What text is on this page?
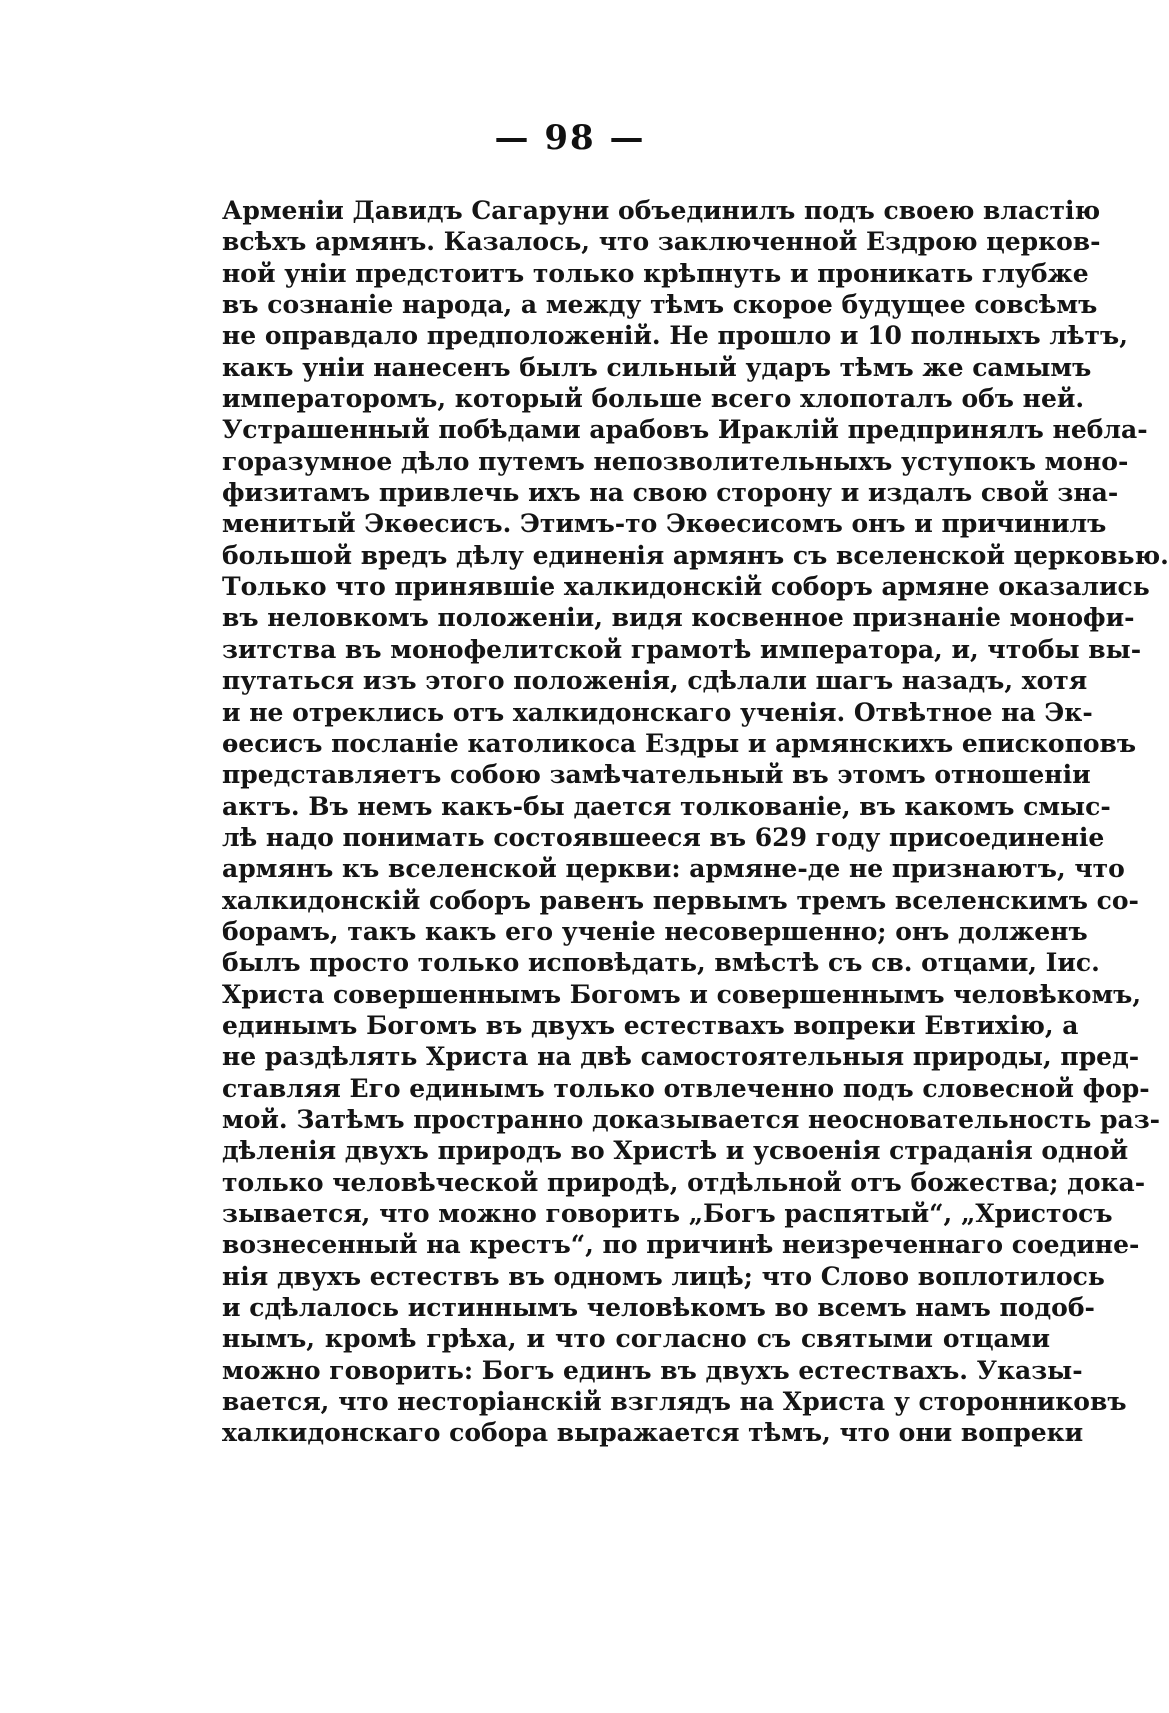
— 98 —
Арменіи Давидъ Сагаруни объединилъ подъ своею властію
всѣхъ армянъ. Казалось, что заключенной Ездрою церков-
ной уніи предстоитъ только крѣпнуть и проникать глубже
въ сознаніе народа, а между тѣмъ скорое будущее совсѣмъ
не оправдало предположеній. Не прошло и 10 полныхъ лѣтъ,
какъ уніи нанесенъ былъ сильный ударъ тѣмъ же самымъ
императоромъ, который больше всего хлопоталъ объ ней.
Устрашенный побѣдами арабовъ Ираклій предпринялъ небла-
горазумное дѣло путемъ непозволительныхъ уступокъ моно-
физитамъ привлечь ихъ на свою сторону и издалъ свой зна-
менитый Экѳесисъ. Этимъ-то Экѳесисомъ онъ и причинилъ
большой вредъ дѣлу единенія армянъ съ вселенской церковью.
Только что принявшіе халкидонскій соборъ армяне оказались
въ неловкомъ положеніи, видя косвенное признаніе монофи-
зитства въ монофелитской грамотѣ императора, и, чтобы вы-
путаться изъ этого положенія, сдѣлали шагъ назадъ, хотя
и не отреклись отъ халкидонскаго ученія. Отвѣтное на Эк-
ѳесисъ посланіе католикоса Ездры и армянскихъ епископовъ
представляетъ собою замѣчательный въ этомъ отношеніи
актъ. Въ немъ какъ-бы дается толкованіе, въ какомъ смыс-
лѣ надо понимать состоявшееся въ 629 году присоединеніе
армянъ къ вселенской церкви: армяне-де не признаютъ, что
халкидонскій соборъ равенъ первымъ тремъ вселенскимъ со-
борамъ, такъ какъ его ученіе несовершенно; онъ долженъ
былъ просто только исповѣдать, вмѣстѣ съ св. отцами, Іис.
Христа совершеннымъ Богомъ и совершеннымъ человѣкомъ,
единымъ Богомъ въ двухъ естествахъ вопреки Евтихію, а
не раздѣлять Христа на двѣ самостоятельныя природы, пред-
ставляя Его единымъ только отвлеченно подъ словесной фор-
мой. Затѣмъ пространно доказывается неосновательность раз-
дѣленія двухъ природъ во Христѣ и усвоенія страданія одной
только человѣческой природѣ, отдѣльной отъ божества; дока-
зывается, что можно говорить „Богъ распятый“, „Христосъ
вознесенный на крестъ“, по причинѣ неизреченнаго соедине-
нія двухъ естествъ въ одномъ лицѣ; что Слово воплотилось
и сдѣлалось истиннымъ человѣкомъ во всемъ намъ подоб-
нымъ, кромѣ грѣха, и что согласно съ святыми отцами
можно говорить: Богъ единъ въ двухъ естествахъ. Указы-
вается, что несторіанскій взглядъ на Христа у сторонниковъ
халкидонскаго собора выражается тѣмъ, что они вопреки
